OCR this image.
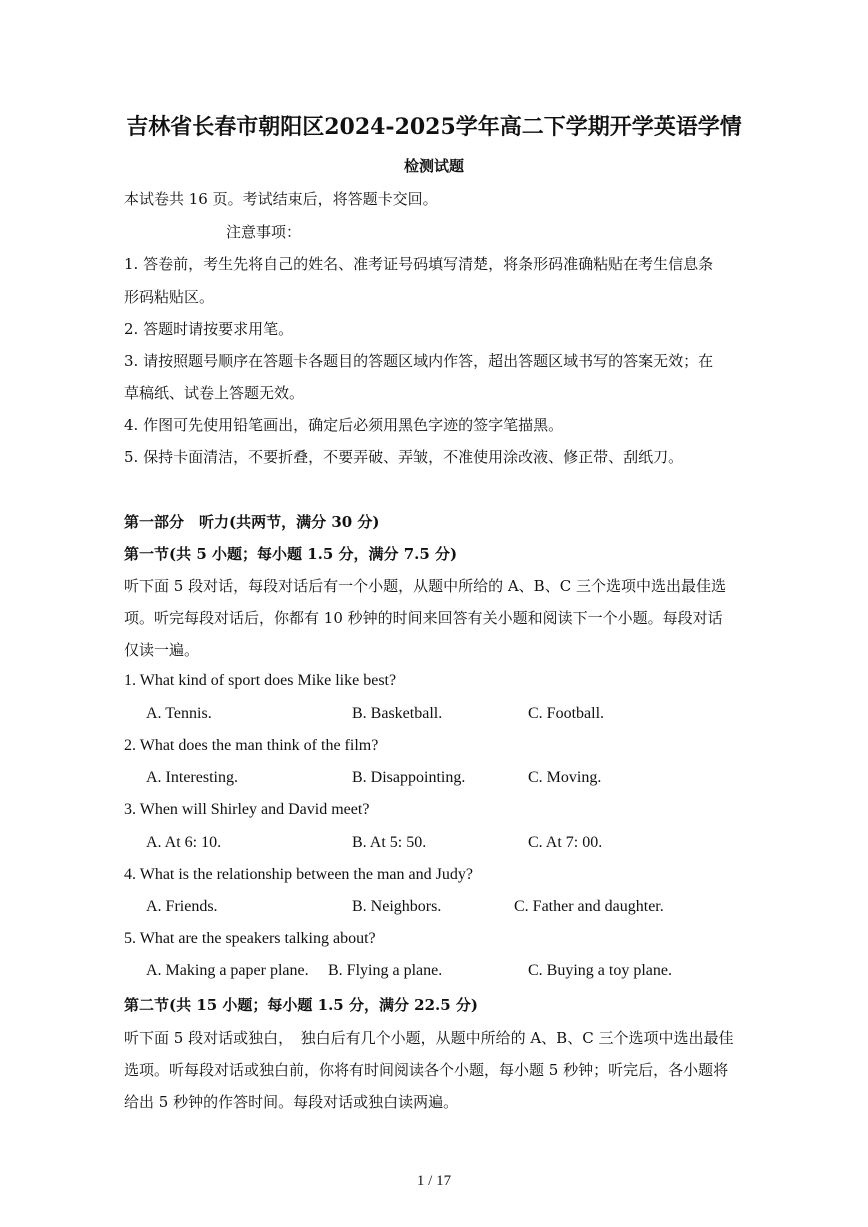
吉林省长春市朝阳区2024-2025学年高二下学期开学英语学情
检测试题
本试卷共 16 页。考试结束后，将答题卡交回。
注意事项：
1. 答卷前，考生先将自己的姓名、准考证号码填写清楚，将条形码准确粘贴在考生信息条
形码粘贴区。
2. 答题时请按要求用笔。
3. 请按照题号顺序在答题卡各题目的答题区域内作答，超出答题区域书写的答案无效；在
草稿纸、试卷上答题无效。
4. 作图可先使用铅笔画出，确定后必须用黑色字迹的签字笔描黑。
5. 保持卡面清洁，不要折叠，不要弄破、弄皱，不准使用涂改液、修正带、刮纸刀。
第一部分　听力(共两节，满分 30 分)
第一节(共 5 小题；每小题 1.5 分，满分 7.5 分)
听下面 5 段对话，每段对话后有一个小题，从题中所给的 A、B、C 三个选项中选出最佳选
项。听完每段对话后，你都有 10 秒钟的时间来回答有关小题和阅读下一个小题。每段对话
仅读一遍。
1. What kind of sport does Mike like best?
A. Tennis.	B. Basketball.	C. Football.
2. What does the man think of the film?
A. Interesting.	B. Disappointing.	C. Moving.
3. When will Shirley and David meet?
A. At 6: 10.	B. At 5: 50.	C. At 7: 00.
4. What is the relationship between the man and Judy?
A. Friends.	B. Neighbors.	C. Father and daughter.
5. What are the speakers talking about?
A. Making a paper plane. B. Flying a plane.	C. Buying a toy plane.
第二节(共 15 小题；每小题 1.5 分，满分 22.5 分)
听下面 5 段对话或独白，　独白后有几个小题，从题中所给的 A、B、C 三个选项中选出最佳
选项。听每段对话或独白前，你将有时间阅读各个小题，每小题 5 秒钟；听完后，各小题将
给出 5 秒钟的作答时间。每段对话或独白读两遍。
1 / 17
